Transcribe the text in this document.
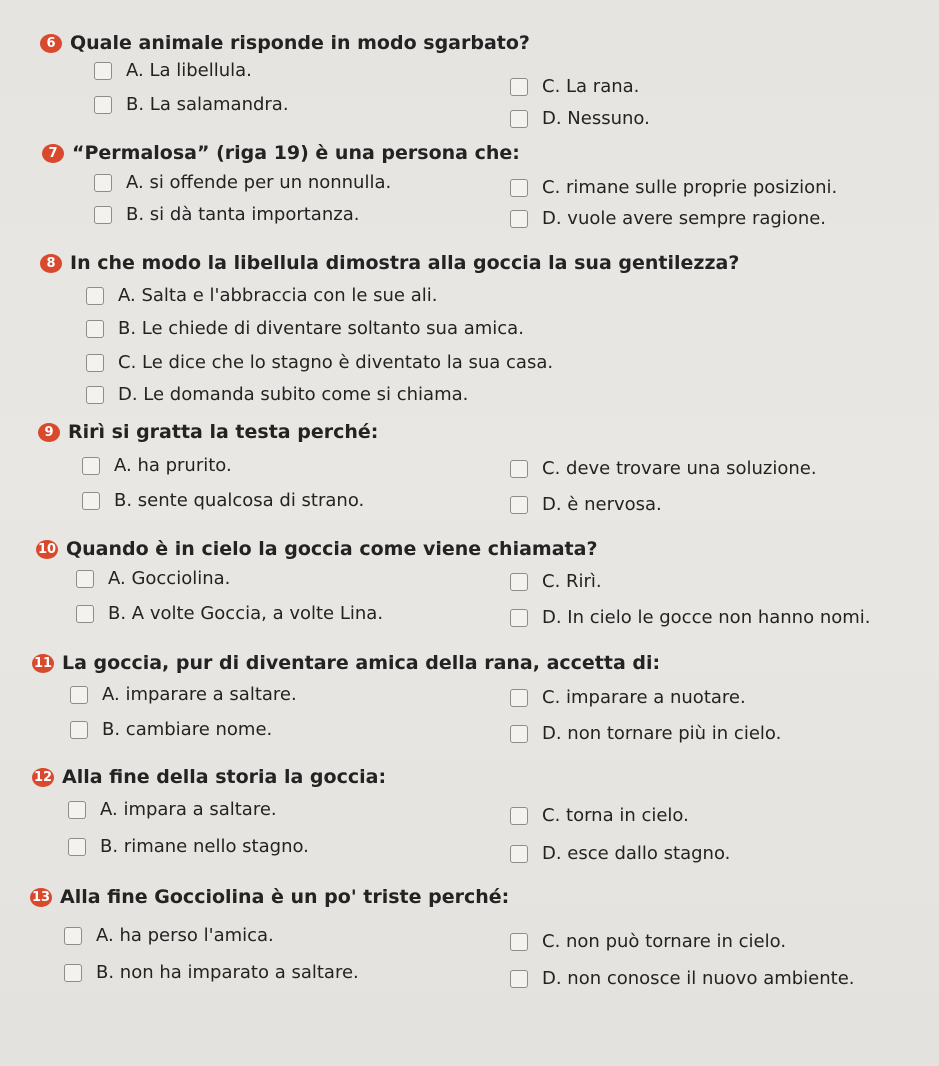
6 Quale animale risponde in modo sgarbato?
A. La libellula.
B. La salamandra.
C. La rana.
D. Nessuno.
7 “Permalosa” (riga 19) è una persona che:
A. si offende per un nonnulla.
B. si dà tanta importanza.
C. rimane sulle proprie posizioni.
D. vuole avere sempre ragione.
8 In che modo la libellula dimostra alla goccia la sua gentilezza?
A. Salta e l'abbraccia con le sue ali.
B. Le chiede di diventare soltanto sua amica.
C. Le dice che lo stagno è diventato la sua casa.
D. Le domanda subito come si chiama.
9 Rirì si gratta la testa perché:
A. ha prurito.
B. sente qualcosa di strano.
C. deve trovare una soluzione.
D. è nervosa.
10 Quando è in cielo la goccia come viene chiamata?
A. Gocciolina.
B. A volte Goccia, a volte Lina.
C. Rirì.
D. In cielo le gocce non hanno nomi.
11 La goccia, pur di diventare amica della rana, accetta di:
A. imparare a saltare.
B. cambiare nome.
C. imparare a nuotare.
D. non tornare più in cielo.
12 Alla fine della storia la goccia:
A. impara a saltare.
B. rimane nello stagno.
C. torna in cielo.
D. esce dallo stagno.
13 Alla fine Gocciolina è un po' triste perché:
A. ha perso l'amica.
B. non ha imparato a saltare.
C. non può tornare in cielo.
D. non conosce il nuovo ambiente.
